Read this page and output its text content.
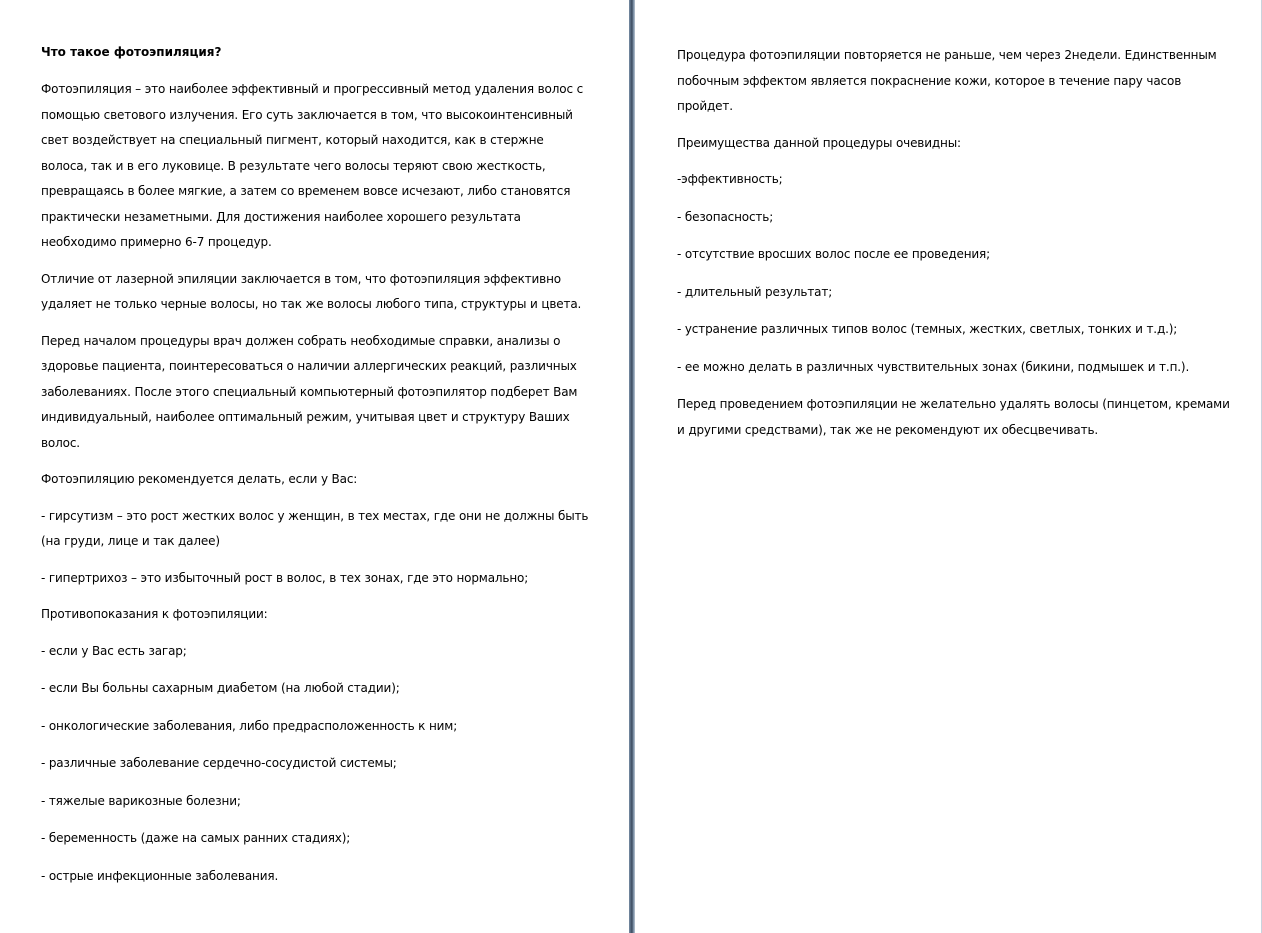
Что такое фотоэпиляция?

Фотоэпиляция – это наиболее эффективный и прогрессивный метод удаления волос с помощью светового излучения. Его суть заключается в том, что высокоинтенсивный свет воздействует на специальный пигмент, который находится, как в стержне волоса, так и в его луковице. В результате чего волосы теряют свою жесткость, превращаясь в более мягкие, а затем со временем вовсе исчезают, либо становятся практически незаметными. Для достижения наиболее хорошего результата необходимо примерно 6-7 процедур.

Отличие от лазерной эпиляции заключается в том, что фотоэпиляция эффективно удаляет не только черные волосы, но так же волосы любого типа, структуры и цвета.

Перед началом процедуры врач должен собрать необходимые справки, анализы о здоровье пациента, поинтересоваться о наличии аллергических реакций, различных заболеваниях. После этого специальный компьютерный фотоэпилятор подберет Вам индивидуальный, наиболее оптимальный режим, учитывая цвет и структуру Ваших волос.

Фотоэпиляцию рекомендуется делать, если у Вас:

- гирсутизм – это рост жестких волос у женщин, в тех местах, где они не должны быть (на груди, лице и так далее)

- гипертрихоз – это избыточный рост в волос, в тех зонах, где это нормально;

Противопоказания к фотоэпиляции:

- если у Вас есть загар;

- если Вы больны сахарным диабетом (на любой стадии);

- онкологические заболевания, либо предрасположенность к ним;

- различные заболевание сердечно-сосудистой системы;

- тяжелые варикозные болезни;

- беременность (даже на самых ранних стадиях);

- острые инфекционные заболевания.

Процедура фотоэпиляции повторяется не раньше, чем через 2недели. Единственным побочным эффектом является покраснение кожи, которое в течение пару часов пройдет.

Преимущества данной процедуры очевидны:

-эффективность;

- безопасность;

- отсутствие вросших волос после ее проведения;

- длительный результат;

- устранение различных типов волос (темных, жестких, светлых, тонких и т.д.);

- ее можно делать в различных чувствительных зонах (бикини, подмышек и т.п.).

Перед проведением фотоэпиляции не желательно удалять волосы (пинцетом, кремами и другими средствами), так же не рекомендуют их обесцвечивать.
